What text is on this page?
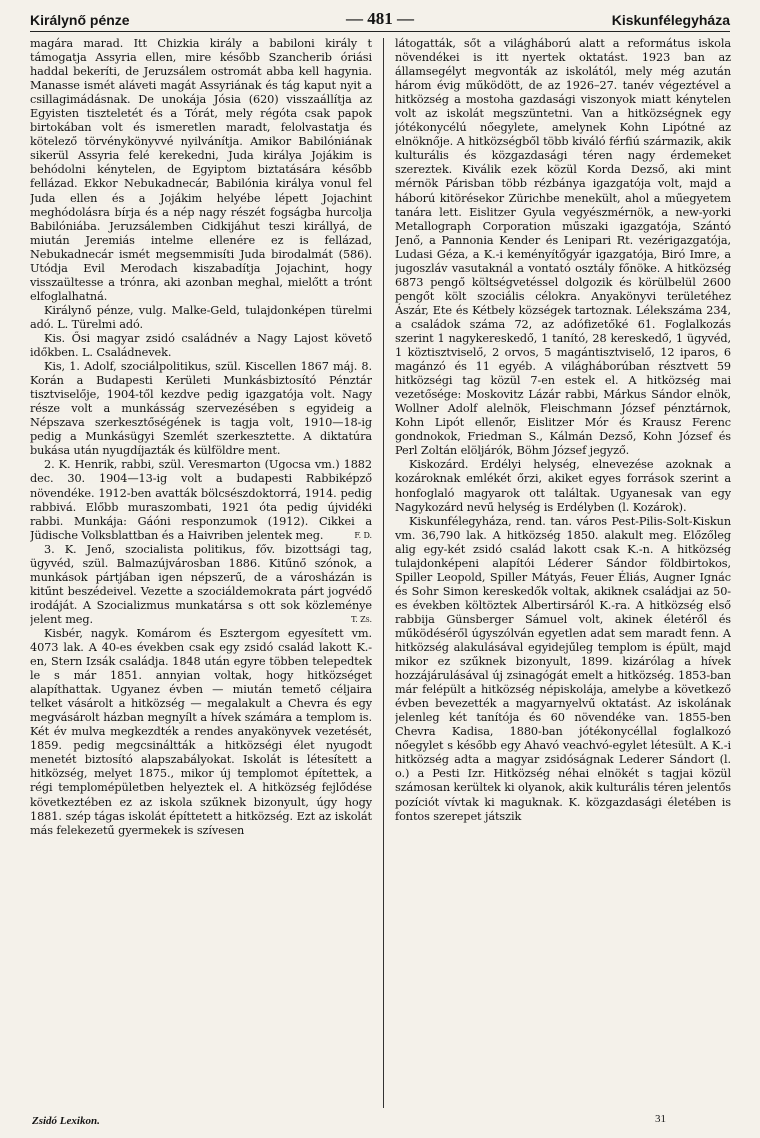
Királynő pénze	— 481 —	Kiskunfélegyháza

magára marad. Itt Chizkia király a babiloni király t támogatja Assyria ellen, mire később Szancherib óriási haddal bekeríti, de Jeruzsálem ostromát abba kell hagynia. Manasse ismét aláveti magát Assyriának és tág kaput nyit a csillagimádásnak. De unokája Jósia (620) visszaállítja az Egyisten tiszteletét és a Tórát, mely régóta csak papok birtokában volt és ismeretlen maradt, felolvastatja és kötelező törvénykönyvvé nyilvánítja. Amikor Babilóniának sikerül Assyria felé kerekedni, Juda királya Jojákim is behódolni kénytelen, de Egyiptom biztatására később fellázad. Ekkor Nebukadnecár, Babilónia királya vonul fel Juda ellen és a Jojákim helyébe lépett Jojachint meghódolásra bírja és a nép nagy részét fogságba hurcolja Babilóniába. Jeruzsálemben Cidkijáhut teszi királlyá, de miután Jeremiás intelme ellenére ez is fellázad, Nebukadnecár ismét megsemmisíti Juda birodalmát (586). Utódja Evil Merodach kiszabadítja Jojachint, hogy visszaültesse a trónra, aki azonban meghal, mielőtt a trónt elfoglalhatná.

Királynő pénze, vulg. Malke-Geld, tulajdonképen türelmi adó. L. Türelmi adó.

Kis. Ősi magyar zsidó családnév a Nagy Lajost követő időkben. L. Családnevek.

Kis, 1. Adolf, szociálpolitikus, szül. Kiscellen 1867 máj. 8. Korán a Budapesti Kerületi Munkásbiztosító Pénztár tisztviselője, 1904-től kezdve pedig igazgatója volt. Nagy része volt a munkásság szervezésében s egyideig a Népszava szerkesztőségének is tagja volt, 1910—18-ig pedig a Munkásügyi Szemlét szerkesztette. A diktatúra bukása után nyugdíjazták és külföldre ment.

2. K. Henrik, rabbi, szül. Veresmarton (Ugocsa vm.) 1882 dec. 30. 1904—13-ig volt a budapesti Rabbiképző növendéke. 1912-ben avatták bölcsészdoktorrá, 1914. pedig rabbivá. Előbb muraszombati, 1921 óta pedig újvidéki rabbi. Munkája: Gáóni responzumok (1912). Cikkei a Jüdische Volksblattban és a Haivriben jelentek meg.	F. D.

3. K. Jenő, szocialista politikus, főv. bizottsági tag, ügyvéd, szül. Balmazújvárosban 1886. Kitűnő szónok, a munkások pártjában igen népszerű, de a városházán is kitűnt beszédeivel. Vezette a szociáldemokrata párt jogvédő irodáját. A Szocializmus munkatársa s ott sok közleménye jelent meg.	T. Zs.

Kisbér, nagyk. Komárom és Esztergom egyesített vm. 4073 lak. A 40-es években csak egy zsidó család lakott K.-en, Stern Izsák családja. 1848 után egyre többen telepedtek le s már 1851. annyian voltak, hogy hitközséget alapíthattak. Ugyanez évben — miután temető céljaira telket vásárolt a hitközség — megalakult a Chevra és egy megvásárolt házban megnyílt a hívek számára a templom is. Két év mulva megkezdték a rendes anyakönyvek vezetését, 1859. pedig megcsináltták a hitközségi élet nyugodt menetét biztosító alapszabályokat. Iskolát is létesített a hitközség, melyet 1875., mikor új templomot építettek, a régi templomépületben helyeztek el. A hitközség fejlődése következtében ez az iskola szűknek bizonyult, úgy hogy 1881. szép tágas iskolát építtetett a hitközség. Ezt az iskolát más felekezetű gyermekek is szívesen

látogatták, sőt a világháború alatt a református iskola növendékei is itt nyertek oktatást. 1923 ban az államsegélyt megvonták az iskolától, mely még azután három évig működött, de az 1926–27. tanév végeztével a hitközség a mostoha gazdasági viszonyok miatt kénytelen volt az iskolát megszüntetni. Van a hitközségnek egy jótékonycélú nőegylete, amelynek Kohn Lipótné az elnöknője. A hitközségből több kiváló férfiú származik, akik kulturális és közgazdasági téren nagy érdemeket szereztek. Kiválik ezek közül Korda Dezső, aki mint mérnök Párisban több rézbánya igazgatója volt, majd a háború kitörésekor Zürichbe menekült, ahol a műegyetem tanára lett. Eislitzer Gyula vegyészmérnök, a new-yorki Metallograph Corporation műszaki igazgatója, Szántó Jenő, a Pannonia Kender és Lenipari Rt. vezérigazgatója, Ludasi Géza, a K.-i keményítőgyár igazgatója, Biró Imre, a jugoszláv vasutaknál a vontató osztály főnöke. A hitközség 6873 pengő költségvetéssel dolgozik és körülbelül 2600 pengőt költ szociális célokra. Anyakönyvi területéhez Ászár, Ete és Kétbely községek tartoznak. Lélekszáma 234, a családok száma 72, az adófizetőké 61. Foglalkozás szerint 1 nagykereskedő, 1 tanító, 28 kereskedő, 1 ügyvéd, 1 köztisztviselő, 2 orvos, 5 magántisztviselő, 12 iparos, 6 magánzó és 11 egyéb. A világháborúban résztvett 59 hitközségi tag közül 7-en estek el. A hitközség mai vezetősége: Moskovitz Lázár rabbi, Márkus Sándor elnök, Wollner Adolf alelnök, Fleischmann József pénztárnok, Kohn Lipót ellenőr, Eislitzer Mór és Krausz Ferenc gondnokok, Friedman S., Kálmán Dezső, Kohn József és Perl Zoltán elöljárók, Böhm József jegyző.

Kiskozárd. Erdélyi helység, elnevezése azoknak a kozároknak emlékét őrzi, akiket egyes források szerint a honfoglaló magyarok ott találtak. Ugyanesak van egy Nagykozárd nevű helység is Erdélyben (l. Kozárok).

Kiskunfélegyháza, rend. tan. város Pest-Pilis-Solt-Kiskun vm. 36,790 lak. A hitközség 1850. alakult meg. Előzőleg alig egy-két zsidó család lakott csak K.-n. A hitközség tulajdonképeni alapítói Léderer Sándor földbirtokos, Spiller Leopold, Spiller Mátyás, Feuer Éliás, Augner Ignác és Sohr Simon kereskedők voltak, akiknek családjai az 50-es években költöztek Albertirsáról K.-ra. A hitközség első rabbija Günsberger Sámuel volt, akinek életéről és működéséről úgyszólván egyetlen adat sem maradt fenn. A hitközség alakulásával egyidejűleg templom is épült, majd mikor ez szűknek bizonyult, 1899. kizárólag a hívek hozzájárulásával új zsinagógát emelt a hitközség. 1853-ban már felépült a hitközség népiskolája, amelybe a következő évben bevezették a magyarnyelvű oktatást. Az iskolának jelenleg két tanítója és 60 növendéke van. 1855-ben Chevra Kadisa, 1880-ban jótékonycéllal foglalkozó nőegylet s később egy Ahavó veachvó-egylet létesült. A K.-i hitközség adta a magyar zsidóságnak Lederer Sándort (l. o.) a Pesti Izr. Hitközség néhai elnökét s tagjai közül számosan kerültek ki olyanok, akik kulturális téren jelentős pozíciót vívtak ki maguknak. K. közgazdasági életében is fontos szerepet játszik

Zsidó Lexikon.	31
